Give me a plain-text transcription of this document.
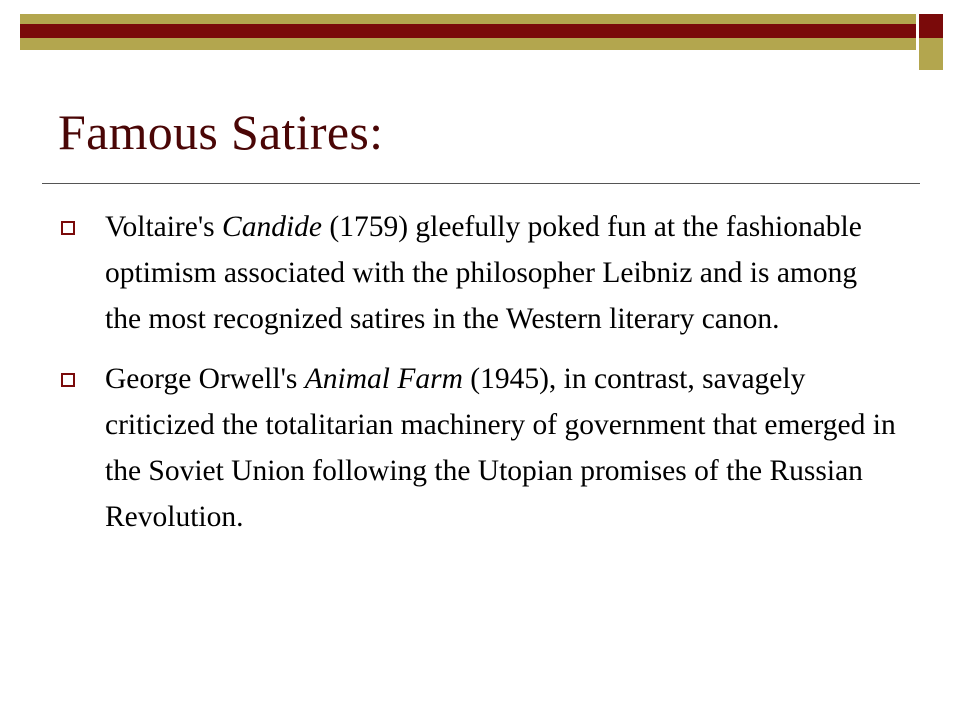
Famous Satires:

Voltaire's Candide (1759) gleefully poked fun at the fashionable optimism associated with the philosopher Leibniz and is among the most recognized satires in the Western literary canon.

George Orwell's Animal Farm (1945), in contrast, savagely criticized the totalitarian machinery of government that emerged in the Soviet Union following the Utopian promises of the Russian Revolution.
